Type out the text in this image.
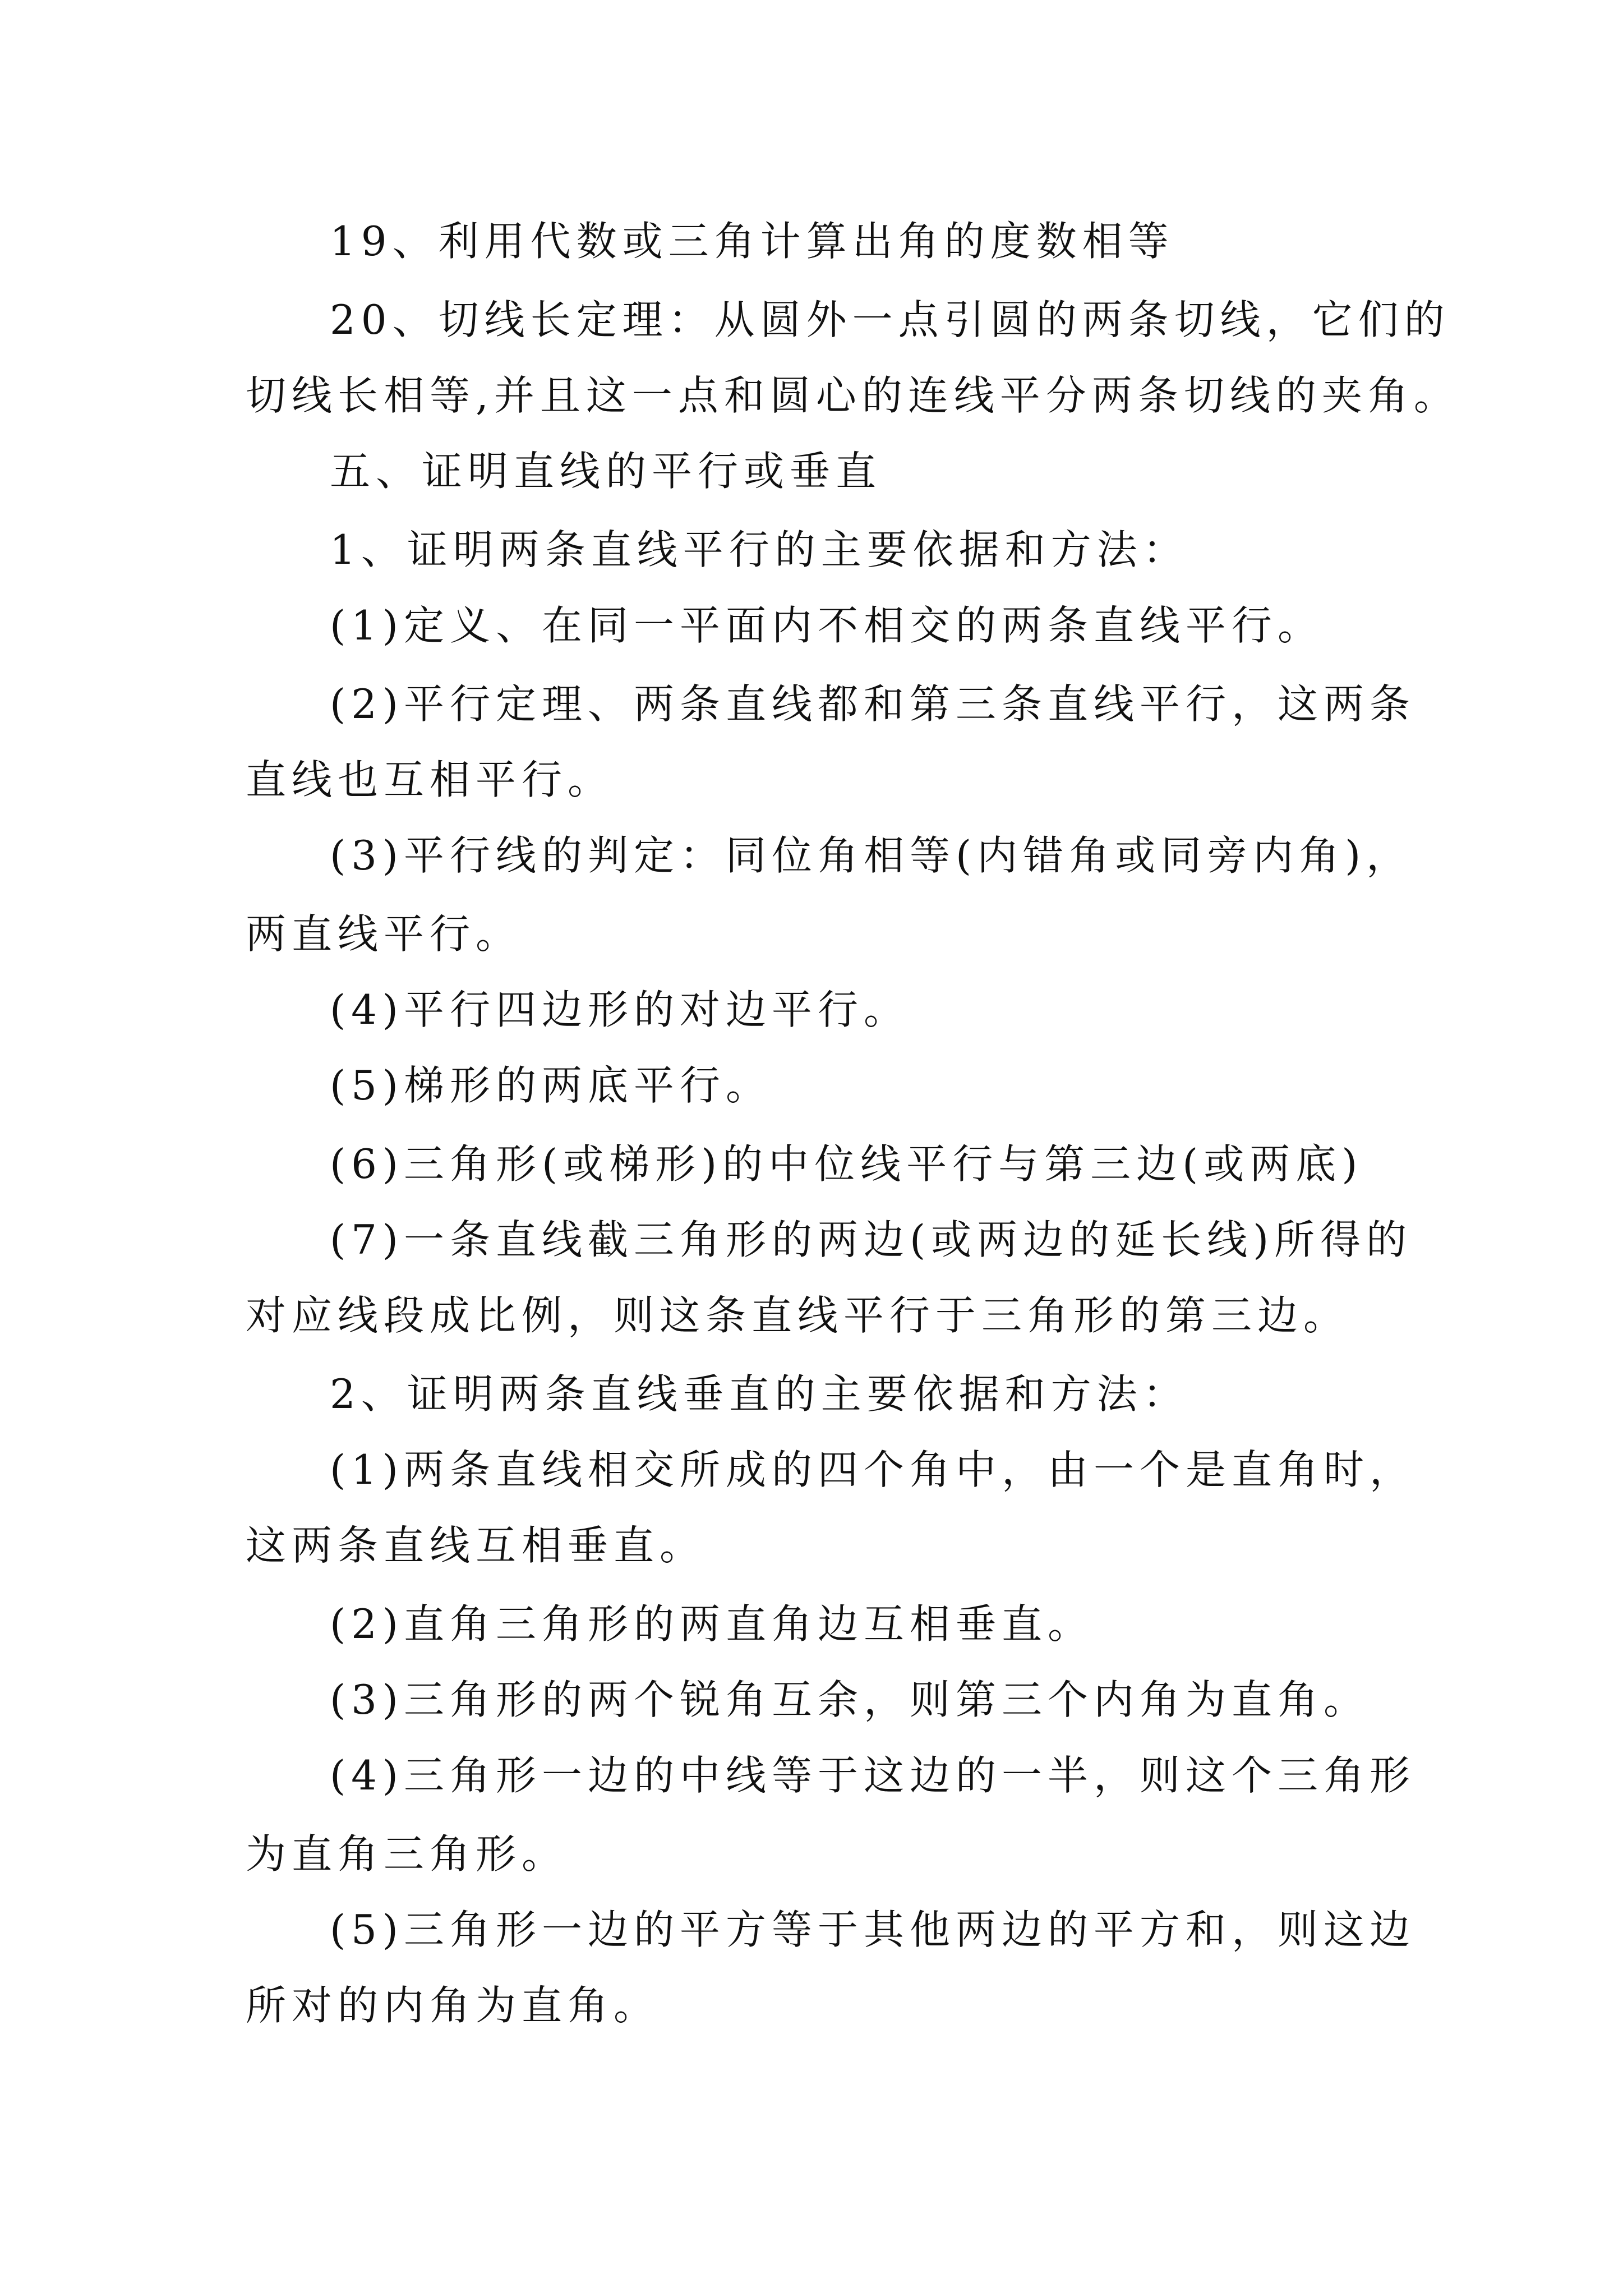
19、利用代数或三角计算出角的度数相等
20、切线长定理：从圆外一点引圆的两条切线，它们的
切线长相等,并且这一点和圆心的连线平分两条切线的夹角。
五、证明直线的平行或垂直
1、证明两条直线平行的主要依据和方法：
(1)定义、在同一平面内不相交的两条直线平行。
(2)平行定理、两条直线都和第三条直线平行，这两条
直线也互相平行。
(3)平行线的判定：同位角相等(内错角或同旁内角)，
两直线平行。
(4)平行四边形的对边平行。
(5)梯形的两底平行。
(6)三角形(或梯形)的中位线平行与第三边(或两底)
(7)一条直线截三角形的两边(或两边的延长线)所得的
对应线段成比例，则这条直线平行于三角形的第三边。
2、证明两条直线垂直的主要依据和方法：
(1)两条直线相交所成的四个角中，由一个是直角时，
这两条直线互相垂直。
(2)直角三角形的两直角边互相垂直。
(3)三角形的两个锐角互余，则第三个内角为直角。
(4)三角形一边的中线等于这边的一半，则这个三角形
为直角三角形。
(5)三角形一边的平方等于其他两边的平方和，则这边
所对的内角为直角。
